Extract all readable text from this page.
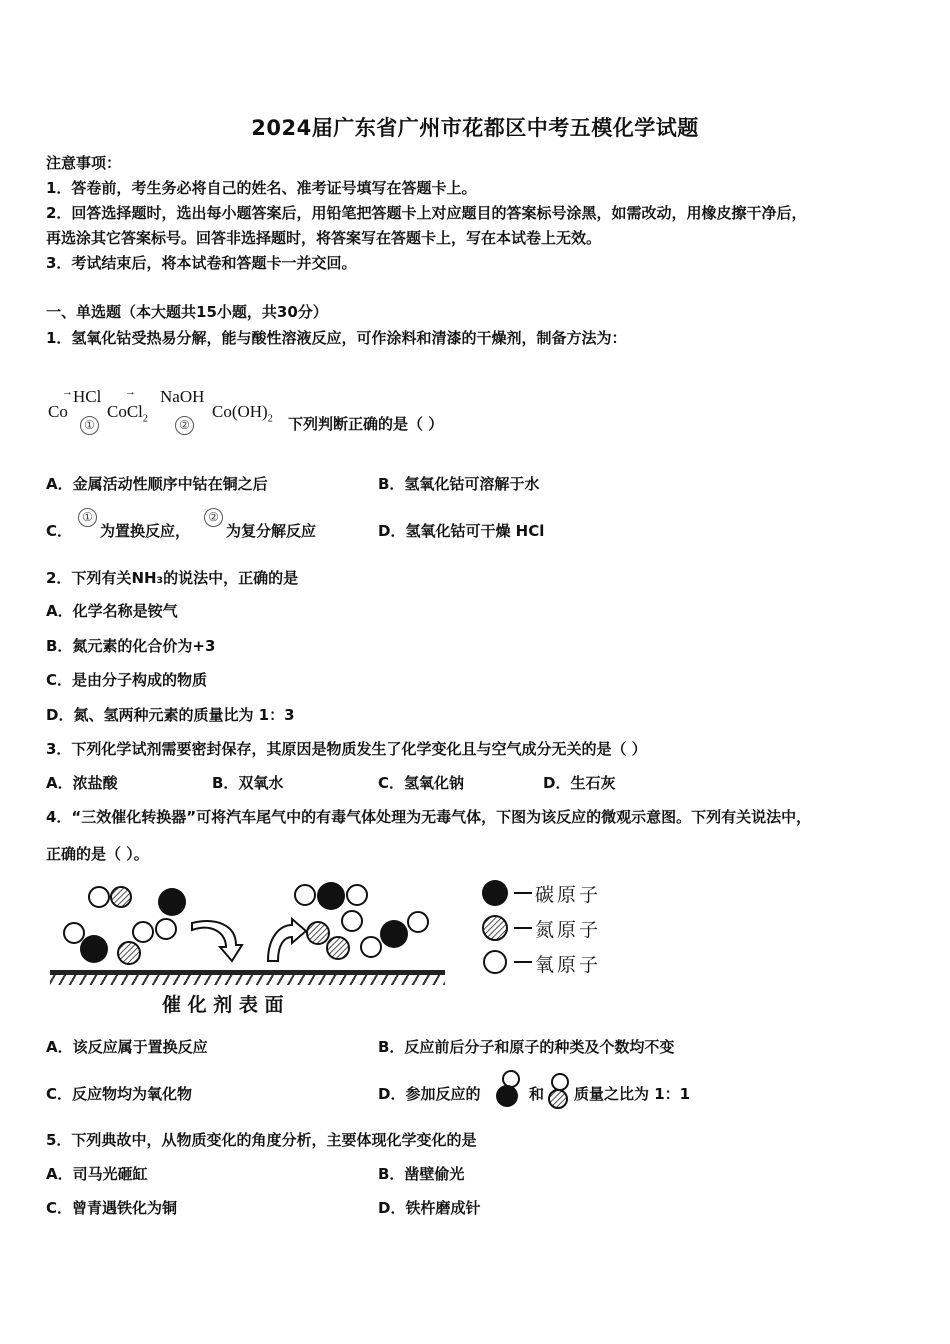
2024届广东省广州市花都区中考五模化学试题
注意事项：
1．答卷前，考生务必将自己的姓名、准考证号填写在答题卡上。
2．回答选择题时，选出每小题答案后，用铅笔把答题卡上对应题目的答案标号涂黑，如需改动，用橡皮擦干净后，
再选涂其它答案标号。回答非选择题时，将答案写在答题卡上，写在本试卷上无效。
3．考试结束后，将本试卷和答题卡一并交回。
一、单选题（本大题共15小题，共30分）
1．氢氧化钴受热易分解，能与酸性溶液反应，可作涂料和清漆的干燥剂，制备方法为：
Co
→ HCl
①
CoCl$_2$
→ NaOH
②
$Co(OH)_2$ 下列判断正确的是（ ）
A．金属活动性顺序中钴在铜之后	B．氢氧化钴可溶解于水
C．
①
为置换反应，
②
为复分解反应	D．氢氧化钴可干燥 HCl
2．下列有关NH₃的说法中，正确的是
A．化学名称是铵气
B．氮元素的化合价为+3
C．是由分子构成的物质
D．氮、氢两种元素的质量比为 1：3
3．下列化学试剂需要密封保存，其原因是物质发生了化学变化且与空气成分无关的是（ ）
A．浓盐酸	B．双氧水	C．氢氧化钠	D．生石灰
4．“三效催化转换器”可将汽车尾气中的有毒气体处理为无毒气体，下图为该反应的微观示意图。下列有关说法中，
正确的是（ ）。
碳原子
氮原子
氧原子
催 化 剂 表 面
A．该反应属于置换反应	B．反应前后分子和原子的种类及个数均不变
C．反应物均为氧化物	D．参加反应的	和 质量之比为 1：1
5．下列典故中，从物质变化的角度分析，主要体现化学变化的是
A．司马光砸缸	B．凿壁偷光
C．曾青遇铁化为铜	D．铁杵磨成针
